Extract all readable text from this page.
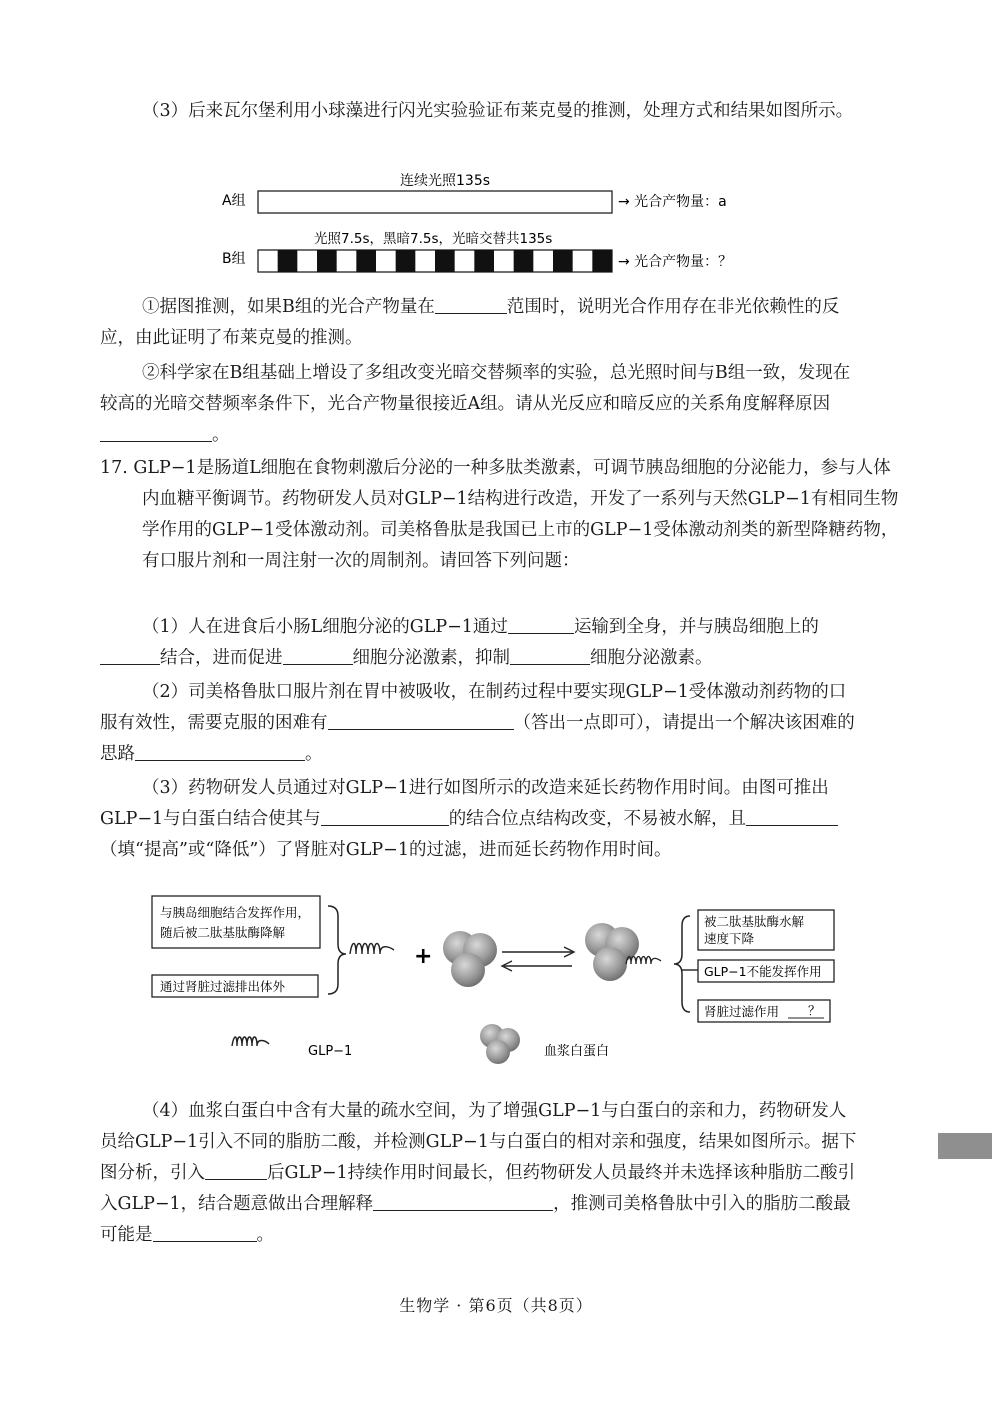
（3）后来瓦尔堡利用小球藻进行闪光实验验证布莱克曼的推测，处理方式和结果如图所示。

连续光照135s
A组	→ 光合产物量：a
光照7.5s，黑暗7.5s，光暗交替共135s
B组	→ 光合产物量：？

①据图推测，如果B组的光合产物量在	范围时，说明光合作用存在非光依赖性的反应，由此证明了布莱克曼的推测。

②科学家在B组基础上增设了多组改变光暗交替频率的实验，总光照时间与B组一致，发现在较高的光暗交替频率条件下，光合产物量很接近A组。请从光反应和暗反应的关系角度解释原因。

17. GLP−1是肠道L细胞在食物刺激后分泌的一种多肽类激素，可调节胰岛细胞的分泌能力，参与人体内血糖平衡调节。药物研发人员对GLP−1结构进行改造，开发了一系列与天然GLP−1有相同生物学作用的GLP−1受体激动剂。司美格鲁肽是我国已上市的GLP−1受体激动剂类的新型降糖药物，有口服片剂和一周注射一次的周制剂。请回答下列问题：

（1）人在进食后小肠L细胞分泌的GLP−1通过	运输到全身，并与胰岛细胞上的结合，进而促进	细胞分泌激素，抑制	细胞分泌激素。

（2）司美格鲁肽口服片剂在胃中被吸收，在制药过程中要实现GLP−1受体激动剂药物的口服有效性，需要克服的困难有	（答出一点即可），请提出一个解决该困难的思路	。

（3）药物研发人员通过对GLP−1进行如图所示的改造来延长药物作用时间。由图可推出GLP−1与白蛋白结合使其与	的结合位点结构改变，不易被水解，且（填“提高”或“降低”）了肾脏对GLP−1的过滤，进而延长药物作用时间。

与胰岛细胞结合发挥作用，
随后被二肽基肽酶降解
通过肾脏过滤排出体外
+
被二肽基肽酶水解
速度下降
GLP−1不能发挥作用
肾脏过滤作用 ？
GLP−1	血浆白蛋白

（4）血浆白蛋白中含有大量的疏水空间，为了增强GLP−1与白蛋白的亲和力，药物研发人员给GLP−1引入不同的脂肪二酸，并检测GLP−1与白蛋白的相对亲和强度，结果如图所示。据下图分析，引入	后GLP−1持续作用时间最长，但药物研发人员最终并未选择该种脂肪二酸引入GLP−1，结合题意做出合理解释	，推测司美格鲁肽中引入的脂肪二酸最可能是	。

生物学 · 第6页（共8页）
